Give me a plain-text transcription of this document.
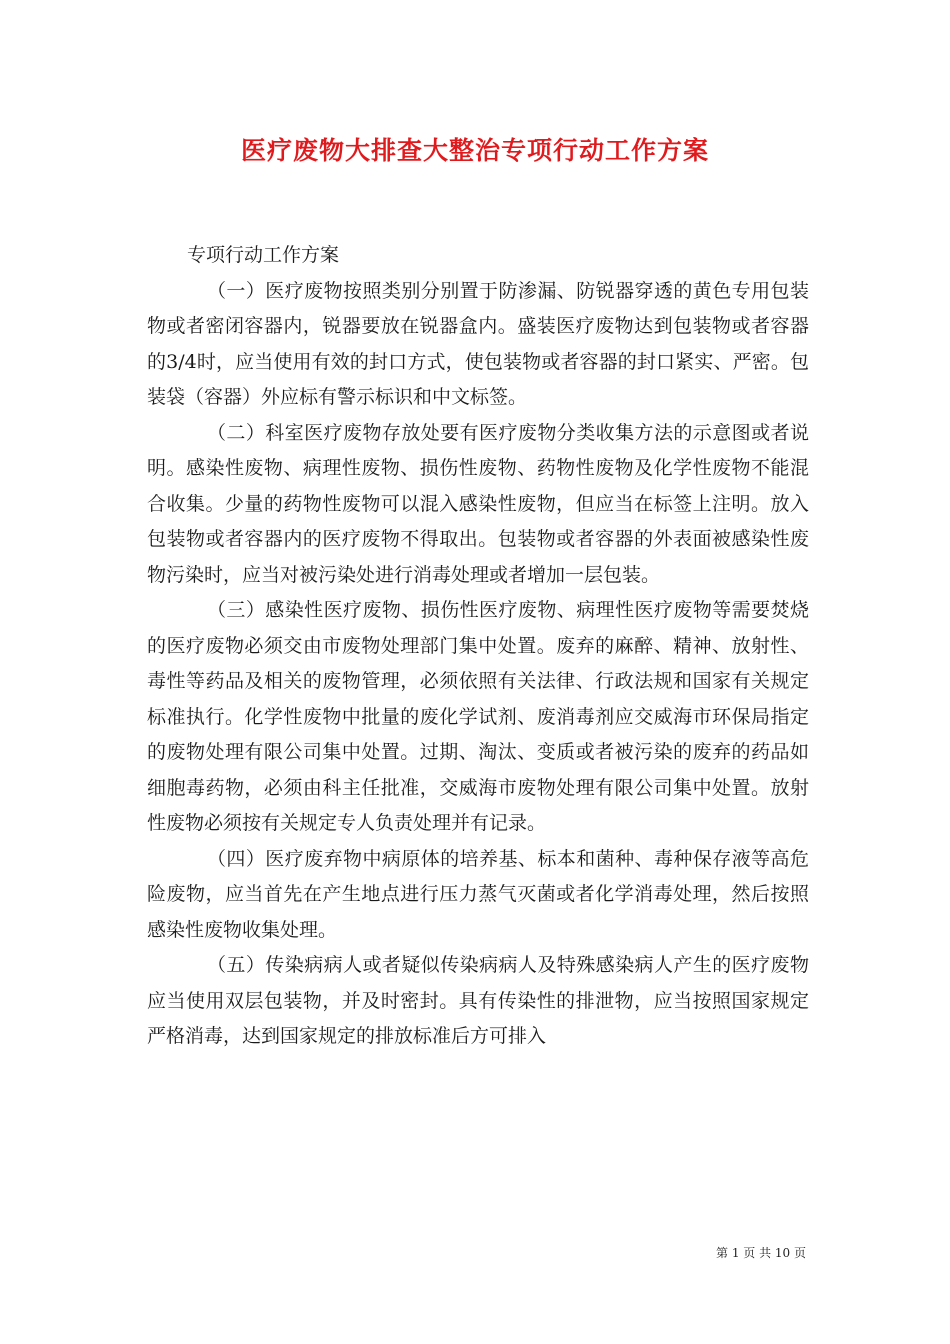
医疗废物大排查大整治专项行动工作方案

专项行动工作方案

（一）医疗废物按照类别分别置于防渗漏、防锐器穿透的黄色专用包装物或者密闭容器内，锐器要放在锐器盒内。盛装医疗废物达到包装物或者容器的3/4时，应当使用有效的封口方式，使包装物或者容器的封口紧实、严密。包装袋（容器）外应标有警示标识和中文标签。

（二）科室医疗废物存放处要有医疗废物分类收集方法的示意图或者说明。感染性废物、病理性废物、损伤性废物、药物性废物及化学性废物不能混合收集。少量的药物性废物可以混入感染性废物，但应当在标签上注明。放入包装物或者容器内的医疗废物不得取出。包装物或者容器的外表面被感染性废物污染时，应当对被污染处进行消毒处理或者增加一层包装。

（三）感染性医疗废物、损伤性医疗废物、病理性医疗废物等需要焚烧的医疗废物必须交由市废物处理部门集中处置。废弃的麻醉、精神、放射性、毒性等药品及相关的废物管理，必须依照有关法律、行政法规和国家有关规定标准执行。化学性废物中批量的废化学试剂、废消毒剂应交威海市环保局指定的废物处理有限公司集中处置。过期、淘汰、变质或者被污染的废弃的药品如细胞毒药物，必须由科主任批准，交威海市废物处理有限公司集中处置。放射性废物必须按有关规定专人负责处理并有记录。

（四）医疗废弃物中病原体的培养基、标本和菌种、毒种保存液等高危险废物，应当首先在产生地点进行压力蒸气灭菌或者化学消毒处理，然后按照感染性废物收集处理。

（五）传染病病人或者疑似传染病病人及特殊感染病人产生的医疗废物应当使用双层包装物，并及时密封。具有传染性的排泄物，应当按照国家规定严格消毒，达到国家规定的排放标准后方可排入

第 1 页 共 10 页
